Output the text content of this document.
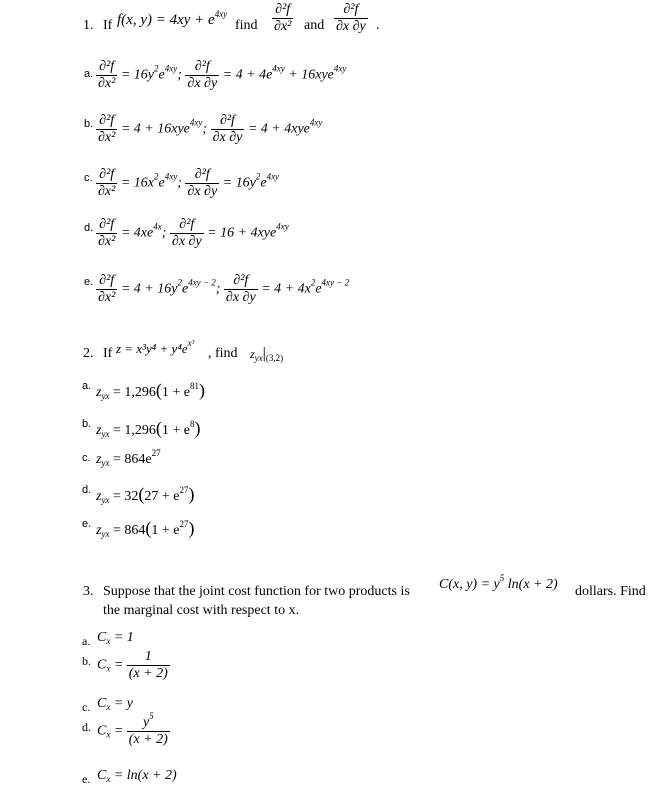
1. If f(x, $y) = 4xy + e^{4xy}$
find $\frac{\text{∂²f}}{\text{∂x²}}$ and $\frac{\text{∂²f}}{\partial x \partial y}$ .
a. $\frac{\text{∂²f}}{\text{∂x²}} = 16y^2e^{4xy}$; $\frac{\text{∂²f}}{\partial x \partial y} = 4 + 4e^{4xy} + 16xye^{4xy}$
b. $\frac{\text{∂²f}}{\text{∂x²}} = 4 + 16xye^{4xy}$; $\frac{\text{∂²f}}{\partial x \partial y} = 4 + 4xye^{4xy}$
c. $\frac{\text{∂²f}}{\text{∂x²}} = 16x^2e^{4xy}$; $\frac{\text{∂²f}}{\partial x \partial y} = 16y^2e^{4xy}$
d. $\frac{\text{∂²f}}{\text{∂x²}} = 4xe^{4x}$; $\frac{\text{∂²f}}{\partial x \partial y} = 16 + 4xye^{4xy}$
e. $\frac{\text{∂²f}}{\text{∂x²}} = 4 + 16y^2e^{4xy - 2}$; $\frac{\text{∂²f}}{\partial x \partial y} = 4 + 4x^2e^{4xy - 2}$
2. If $z = x^3y^4 + y^4e^{x^3}$
, find $z_{yx}|_{(3,2)}$
a. $z_{yx} = 1,296(1 + e^{81})$
b. $z_{yx} = 1,296(1 + e^8)$
c. $z_{yx} = 864e^{27}$
d. $z_{yx} = 32(27 + e^{27})$
e. $z_{yx} = 864(1 + e^{27})$
3. Suppose that the joint cost function for two products is C(x, $y) = y^5$ ln(x + 2) dollars. Find
the marginal cost with respect to x.
a. $C_x = 1$
b. $C_x = \frac{1}{(x + 2)}$
c. $C_x = y$
d. $C_x = \frac{y^5}{(x + 2)}$
e. $C_x = \ln(x + 2)$
